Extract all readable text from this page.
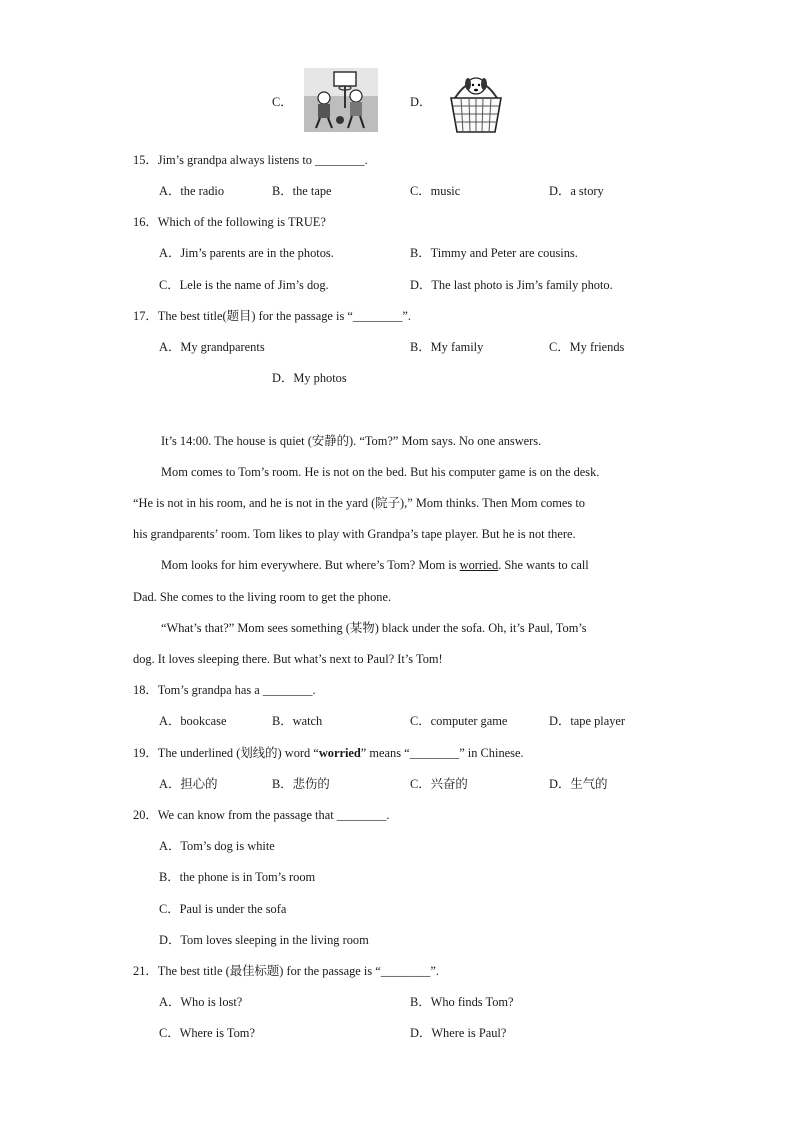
C．	D．
15．Jim’s grandpa always listens to ________.
A．the radio	B．the tape	C．music	D．a story
16．Which of the following is TRUE?
A．Jim’s parents are in the photos.	B．Timmy and Peter are cousins.
C．Lele is the name of Jim’s dog.	D．The last photo is Jim’s family photo.
17．The best title(题目) for the passage is “________”.
A．My grandparents	B．My family	C．My friends
D．My photos
It’s 14:00. The house is quiet (安静的). “Tom?” Mom says. No one answers.
Mom comes to Tom’s room. He is not on the bed. But his computer game is on the desk.
“He is not in his room, and he is not in the yard (院子),” Mom thinks. Then Mom comes to
his grandparents’ room. Tom likes to play with Grandpa’s tape player. But he is not there.
Mom looks for him everywhere. But where’s Tom? Mom is worried. She wants to call
Dad. She comes to the living room to get the phone.
“What’s that?” Mom sees something (某物) black under the sofa. Oh, it’s Paul, Tom’s
dog. It loves sleeping there. But what’s next to Paul? It’s Tom!
18．Tom’s grandpa has a ________.
A．bookcase	B．watch	C．computer game	D．tape player
19．The underlined (划线的) word “worried” means “________” in Chinese.
A．担心的	B．悲伤的	C．兴奋的	D．生气的
20．We can know from the passage that ________.
A．Tom’s dog is white
B．the phone is in Tom’s room
C．Paul is under the sofa
D．Tom loves sleeping in the living room
21．The best title (最佳标题) for the passage is “________”.
A．Who is lost?	B．Who finds Tom?
C．Where is Tom?	D．Where is Paul?
